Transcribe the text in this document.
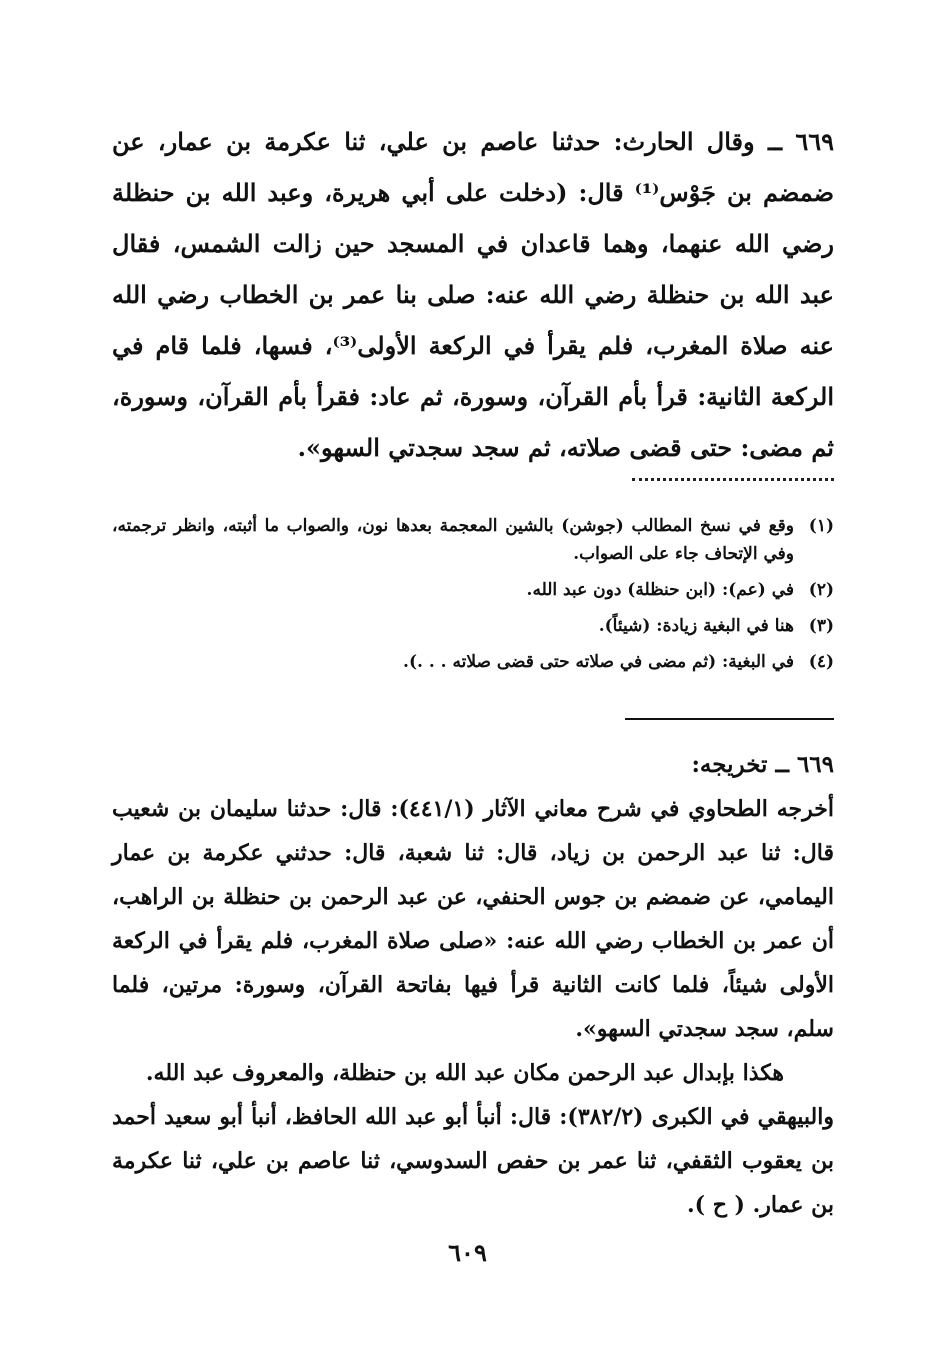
٦٦٩ ــ وقال الحارث: حدثنا عاصم بن علي، ثنا عكرمة بن عمار، عن ضمضم بن جَوْس⁽¹⁾ قال: (دخلت على أبي هريرة، وعبد الله بن حنظلة رضي الله عنهما، وهما قاعدان في المسجد حين زالت الشمس، فقال عبد الله بن حنظلة رضي الله عنه: صلى بنا عمر بن الخطاب رضي الله عنه صلاة المغرب، فلم يقرأ في الركعة الأولى⁽³⁾، فسها، فلما قام في الركعة الثانية: قرأ بأم القرآن، وسورة، ثم عاد: فقرأ بأم القرآن، وسورة، ثم مضى: حتى قضى صلاته، ثم سجد سجدتي السهو».

(١)
وقع في نسخ المطالب (جوشن) بالشين المعجمة بعدها نون، والصواب ما أثبته، وانظر ترجمته، وفي الإتحاف جاء على الصواب.
(٢)
في (عم): (ابن حنظلة) دون عبد الله.
(٣)
هنا في البغية زيادة: (شيئاً).
(٤)
في البغية: (ثم مضى في صلاته حتى قضى صلاته . . .).

٦٦٩ ــ تخريجه:

أخرجه الطحاوي في شرح معاني الآثار (٤٤١/١): قال: حدثنا سليمان بن شعيب قال: ثنا عبد الرحمن بن زياد، قال: ثنا شعبة، قال: حدثني عكرمة بن عمار اليمامي، عن ضمضم بن جوس الحنفي، عن عبد الرحمن بن حنظلة بن الراهب، أن عمر بن الخطاب رضي الله عنه: «صلى صلاة المغرب، فلم يقرأ في الركعة الأولى شيئاً، فلما كانت الثانية قرأ فيها بفاتحة القرآن، وسورة: مرتين، فلما سلم، سجد سجدتي السهو».

هكذا بإبدال عبد الرحمن مكان عبد الله بن حنظلة، والمعروف عبد الله.

والبيهقي في الكبرى (٣٨٢/٢): قال: أنبأ أبو عبد الله الحافظ، أنبأ أبو سعيد أحمد بن يعقوب الثقفي، ثنا عمر بن حفص السدوسي، ثنا عاصم بن علي، ثنا عكرمة بن عمار. ( ح ).

٦٠٩
